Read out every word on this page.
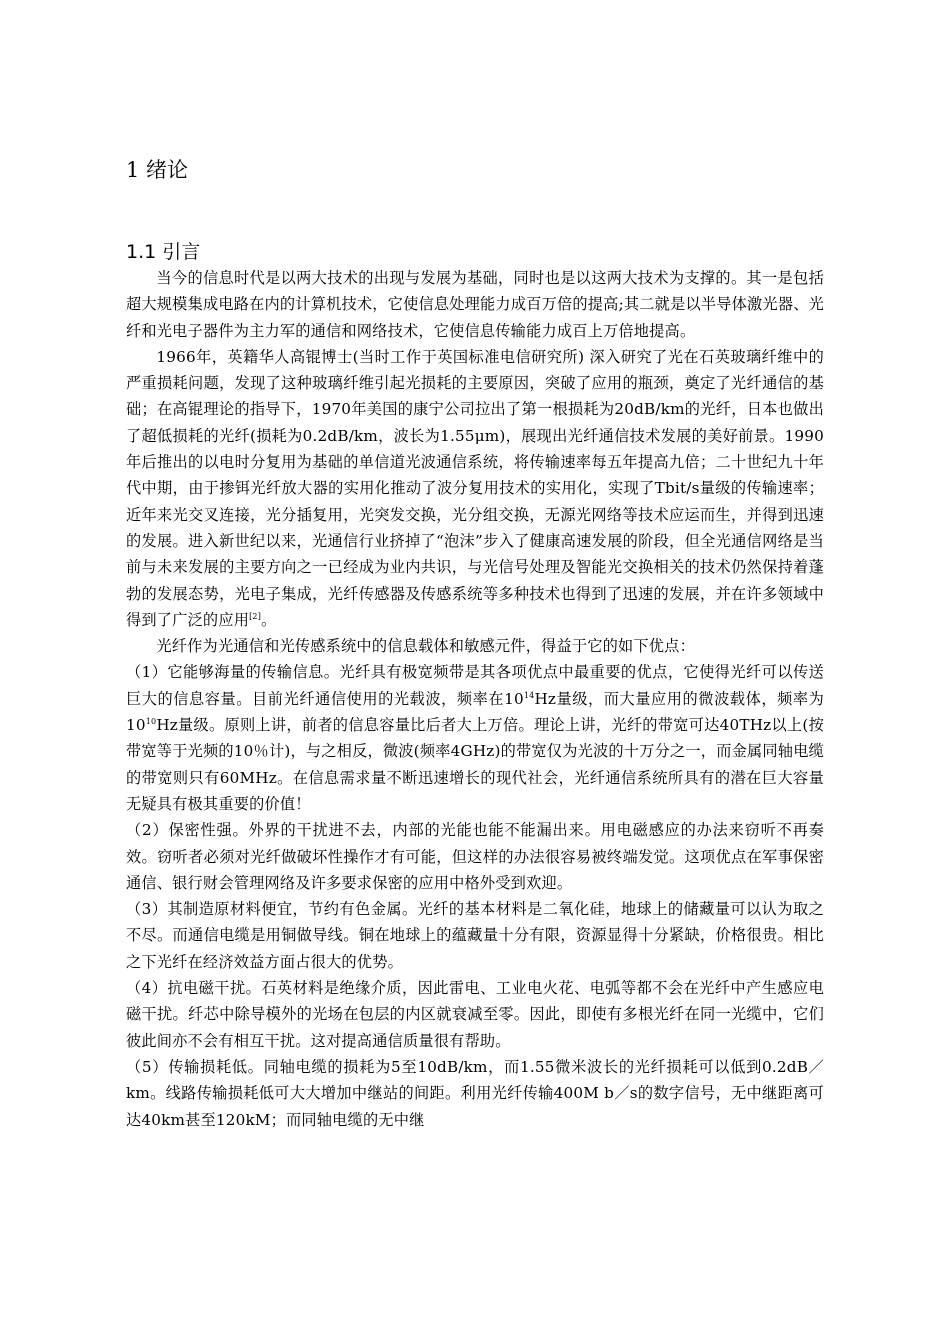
1 绪论
1.1 引言

当今的信息时代是以两大技术的出现与发展为基础，同时也是以这两大技术为支撑的。其一是包括超大规模集成电路在内的计算机技术，它使信息处理能力成百万倍的提高;其二就是以半导体激光器、光纤和光电子器件为主力军的通信和网络技术，它使信息传输能力成百上万倍地提高。

1966年，英籍华人高锟博士(当时工作于英国标准电信研究所) 深入研究了光在石英玻璃纤维中的严重损耗问题，发现了这种玻璃纤维引起光损耗的主要原因，突破了应用的瓶颈，奠定了光纤通信的基础；在高锟理论的指导下，1970年美国的康宁公司拉出了第一根损耗为20dB/km的光纤，日本也做出了超低损耗的光纤(损耗为0.2dB/km，波长为1.55μm)，展现出光纤通信技术发展的美好前景。1990年后推出的以电时分复用为基础的单信道光波通信系统，将传输速率每五年提高九倍；二十世纪九十年代中期，由于掺铒光纤放大器的实用化推动了波分复用技术的实用化，实现了Tbit/s量级的传输速率；近年来光交叉连接，光分插复用，光突发交换，光分组交换，无源光网络等技术应运而生，并得到迅速的发展。进入新世纪以来，光通信行业挤掉了“泡沫”步入了健康高速发展的阶段，但全光通信网络是当前与未来发展的主要方向之一已经成为业内共识，与光信号处理及智能光交换相关的技术仍然保持着蓬勃的发展态势，光电子集成，光纤传感器及传感系统等多种技术也得到了迅速的发展，并在许多领域中得到了广泛的应用[2]。

光纤作为光通信和光传感系统中的信息载体和敏感元件，得益于它的如下优点：

（1）它能够海量的传输信息。光纤具有极宽频带是其各项优点中最重要的优点，它使得光纤可以传送巨大的信息容量。目前光纤通信使用的光载波，频率在$10^{14}Hz$量级，而大量应用的微波载体，频率为$10^{10}Hz$量级。原则上讲，前者的信息容量比后者大上万倍。理论上讲，光纤的带宽可达40THz以上(按带宽等于光频的10％计)，与之相反，微波(频率4GHz)的带宽仅为光波的十万分之一，而金属同轴电缆的带宽则只有60MHz。在信息需求量不断迅速增长的现代社会，光纤通信系统所具有的潜在巨大容量无疑具有极其重要的价值！

（2）保密性强。外界的干扰进不去，内部的光能也能不能漏出来。用电磁感应的办法来窃听不再奏效。窃听者必须对光纤做破坏性操作才有可能，但这样的办法很容易被终端发觉。这项优点在军事保密通信、银行财会管理网络及许多要求保密的应用中格外受到欢迎。

（3）其制造原材料便宜，节约有色金属。光纤的基本材料是二氧化硅，地球上的储藏量可以认为取之不尽。而通信电缆是用铜做导线。铜在地球上的蕴藏量十分有限，资源显得十分紧缺，价格很贵。相比之下光纤在经济效益方面占很大的优势。

（4）抗电磁干扰。石英材料是绝缘介质，因此雷电、工业电火花、电弧等都不会在光纤中产生感应电磁干扰。纤芯中除导模外的光场在包层的内区就衰减至零。因此，即使有多根光纤在同一光缆中，它们彼此间亦不会有相互干扰。这对提高通信质量很有帮助。

（5）传输损耗低。同轴电缆的损耗为5至10dB/km，而1.55微米波长的光纤损耗可以低到0.2dB／km。线路传输损耗低可大大增加中继站的间距。利用光纤传输400M b／s的数字信号，无中继距离可达40km甚至120kM；而同轴电缆的无中继
